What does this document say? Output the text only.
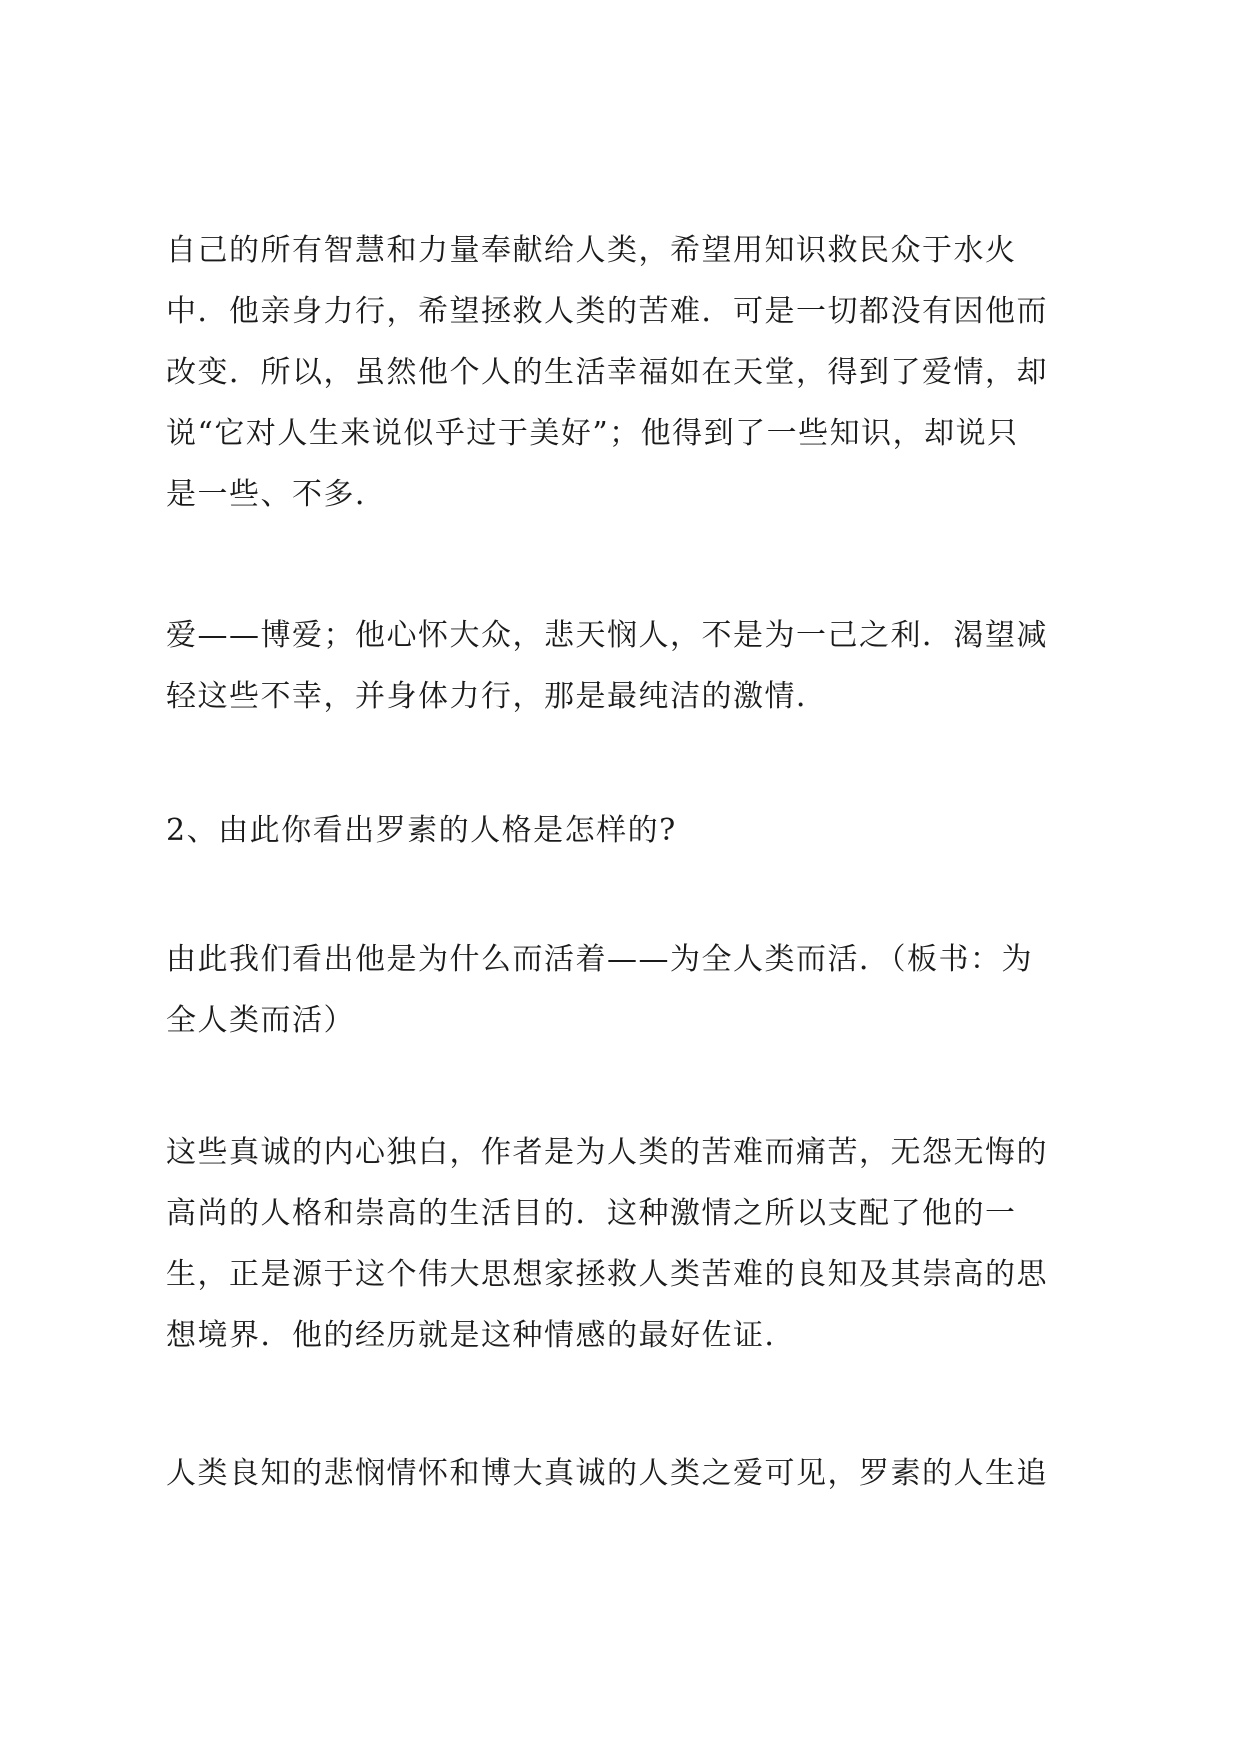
自己的所有智慧和力量奉献给人类，希望用知识救民众于水火
中．他亲身力行，希望拯救人类的苦难．可是一切都没有因他而
改变．所以，虽然他个人的生活幸福如在天堂，得到了爱情，却
说“它对人生来说似乎过于美好”；他得到了一些知识，却说只
是一些、不多．
爱——博爱；他心怀大众，悲天悯人，不是为一己之利．渴望减
轻这些不幸，并身体力行，那是最纯洁的激情．
2、由此你看出罗素的人格是怎样的?
由此我们看出他是为什么而活着——为全人类而活．（板书：为
全人类而活）
这些真诚的内心独白，作者是为人类的苦难而痛苦，无怨无悔的
高尚的人格和崇高的生活目的．这种激情之所以支配了他的一
生，正是源于这个伟大思想家拯救人类苦难的良知及其崇高的思
想境界．他的经历就是这种情感的最好佐证．
人类良知的悲悯情怀和博大真诚的人类之爱可见，罗素的人生追
